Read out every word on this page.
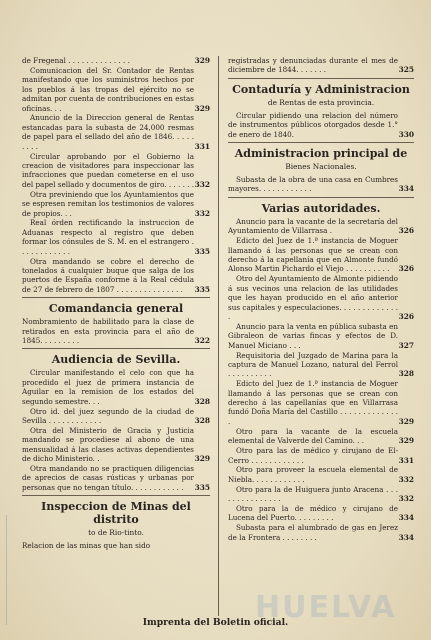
de Fregenal . . . . . . . . . . . . . .	329
Comunicacion del Sr. Contador de Rentas manifestando que los suministros hechos por los pueblos á las tropas del ejército no se admitan por cuenta de contribuciones en estas oficinas. . .	329
Anuncio de la Direccion general de Rentas estancadas para la subasta de 24,000 resmas de papel para el sellado del año de 1846. . . . . . . . .	331
Circular aprobando por el Gobierno la creacion de visitadores para inspeccionar las infracciones que puedan cometerse en el uso del papel sellado y documentos de giro. . . . . . . 332
Otra previniendo que los Ayuntamientos que se espresen remitan los testimonios de valores de propios. . .	332
Real órden rectificando la instruccion de Aduanas respecto al registro que deben formar los cónsules de S. M. en el estrangero . . . . . . . . . . . .	335
Otra mandando se cobre el derecho de tonelados á cualquier buque que salga de los puertos de España conforme á la Real cédula de 27 de febrero de 1807 . . . . . . . . . . . . . . .	335
Comandancia general
Nombramiento de habilitado para la clase de retirados en esta provincia para el año de 1845. . . . . . . . .	322
Audiencia de Sevilla.
Circular manifestando el celo con que ha procedido el juez de primera instancia de Aguilar en la remision de los estados del segundo semestre. . .	328
Otro id. del juez segundo de la ciudad de Sevilla . . . . . . . . . . . .	328
Otra del Ministerio de Gracia y Justicia mandando se procediese al abono de una mensualidad á las clases activas dependientes de dicho Ministerio. .	329
Otra mandando no se practiquen diligencias de aprecios de casas rústicas y urbanas por personas que no tengan título. . . . . . . . . . . .	335
Inspeccion de Minas del distrito
to de Rio-tinto.
Relacion de las minas que han sido
registradas y denunciadas durante el mes de diciembre de 1844. . . . . . .	325
Contaduría y Administracion
de Rentas de esta provincia.
Circular pidiendo una relacion del número de instrumentos públicos otorgados desde 1.° de enero de 1840.	330
Administracion principal de
Bienes Nacionales.
Subasta de la obra de una casa en Cumbres mayores. . . . . . . . . . . .	334
Varias autoridades.
Anuncio para la vacante de la secretaría del Ayuntamiento de Villarrasa .	326
Edicto del Juez de 1.ª instancia de Moguer llamando á las personas que se crean con derecho á la capellanía que en Almonte fundó Alonso Martin Pichardo el Viejo . . . . . . . . . .	326
Otro del Ayuntamiento de Almonte pidiendo á sus vecinos una relacion de las utilidades que les hayan producido en el año anterior sus capitales y especulaciones. . . . . . . . . . . . . .	326
Anuncio para la venta en pública subasta en Gibraleon de varias fincas y efectos de D. Manuel Miciano . . .	327
Requisitoria del Juzgado de Marina para la captura de Manuel Lozano, natural del Ferrol . . . . . . . . . .	328
Edicto del Juez de 1.ª instancia de Moguer llamando á las personas que se crean con derecho á las capellanías que en Villarrasa fundó Doña María del Castillo . . . . . . . . . . . . . .	329
Otro para la vacante de la escuela elemental de Valverde del Camino. . .	329
Otro para las de médico y cirujano de El-Cerro . . . . . . . . . . . .	331
Otro para proveer la escuela elemental de Niebla. . . . . . . . . . . .	332
Otro para la de Huiguera junto Aracena . . . . . . . . . . . . . . .	332
Otro para la de médico y cirujano de Lucena del Puerto. . . . . . . . .	334
Subasta para el alumbrado de gas en Jerez de la Frontera . . . . . . . .	334
HUELVA
Imprenta del Boletin oficial.
